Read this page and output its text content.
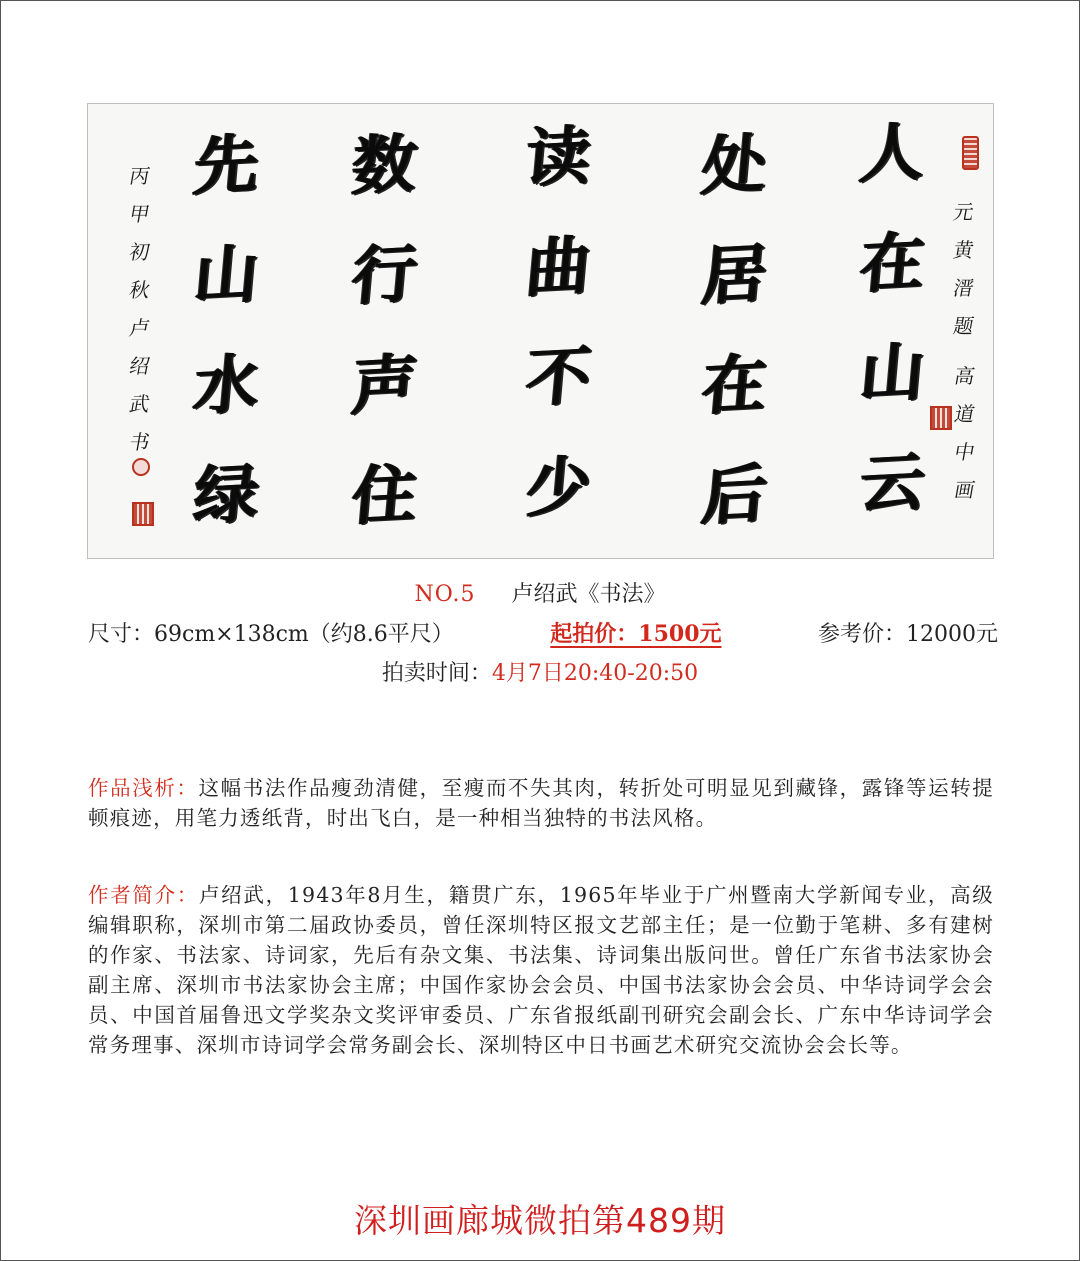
人
在
山
云
处
居
在
后
读
曲
不
少
数
行
声
住
先
山
水
绿
元
黄
溍
题
高
道
中
画
丙
甲
初
秋
卢
绍
武
书
NO.5 卢绍武《书法》
尺寸：69cm×138cm（约8.6平尺）	起拍价：1500元	参考价：12000元
拍卖时间：4月7日20:40-20:50
作品浅析：这幅书法作品瘦劲清健，至瘦而不失其肉，转折处可明显见到藏锋，露锋等运转提顿痕迹，用笔力透纸背，时出飞白，是一种相当独特的书法风格。
作者简介：卢绍武，1943年8月生，籍贯广东，1965年毕业于广州暨南大学新闻专业，高级编辑职称，深圳市第二届政协委员，曾任深圳特区报文艺部主任；是一位勤于笔耕、多有建树的作家、书法家、诗词家，先后有杂文集、书法集、诗词集出版问世。曾任广东省书法家协会副主席、深圳市书法家协会主席；中国作家协会会员、中国书法家协会会员、中华诗词学会会员、中国首届鲁迅文学奖杂文奖评审委员、广东省报纸副刊研究会副会长、广东中华诗词学会常务理事、深圳市诗词学会常务副会长、深圳特区中日书画艺术研究交流协会会长等。
深圳画廊城微拍第489期
